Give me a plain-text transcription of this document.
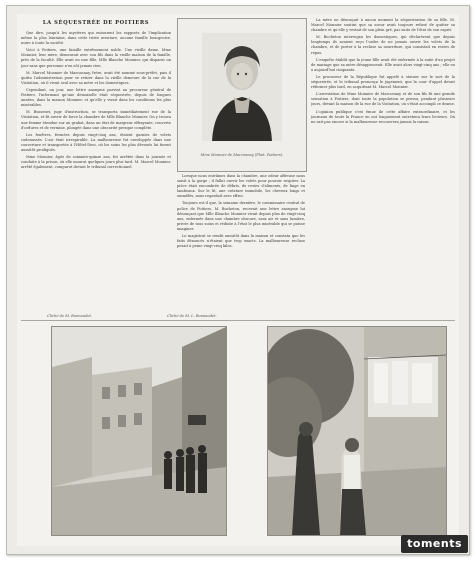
LA SÉQUESTRÉE DE POITIERS

Que dire, jusqu'à les mystères qui entourent les rapports de l'implication même la plus lointaine, dans cette triste aventure, aucune famille bourgeoise, nuire à toute la société.

Voici à Poitiers, une famille extrêmement noble. Une vieille dame, Mme Monnier, leur mère, demeurait avec son fils dans la vieille maison de la famille, près de la faculté. Elle avait eu une fille, Mlle Blanche Monnier, qui disparut un jour sans que personne n'en sût jamais rien.

M. Marcel Monnier de Marconnay, frère, avait été nommé sous-préfet, puis il quitta l'administration pour se retirer dans la vieille demeure de la rue de la Visitation, où il vivait seul avec sa mère et les domestiques.

Cependant, un jour, une lettre anonyme parvint au procureur général de Poitiers, l'informant qu'une demoiselle était séquestrée, depuis de longues années, dans la maison Monnier, et qu'elle y vivait dans les conditions les plus misérables.

M. Bussenet, juge d'instruction, se transporta immédiatement rue de la Visitation, et fit ouvrir de force la chambre de Mlle Blanche Monnier. On y trouva une femme étendue sur un grabat, dans un état de maigreur effrayante, couverte d'ordures et de vermine, plongée dans une obscurité presque complète.

Les fenêtres, fermées depuis vingt-cinq ans, étaient garnies de volets cadenassés. L'air était irrespirable. La malheureuse fut enveloppée dans une couverture et transportée à l'Hôtel-Dieu, où les soins les plus dévoués lui furent aussitôt prodigués.

Mme Monnier, âgée de soixante-quinze ans, fut arrêtée dans la journée et conduite à la prison, où elle mourut quelques jours plus tard. M. Marcel Monnier, arrêté également, comparut devant le tribunal correctionnel.

Mme Monnier de Marconnay (Phot. Poitiers).

Lorsque nous entrâmes dans la chambre, une odeur affreuse nous saisit à la gorge ; il fallut ouvrir les volets pour pouvoir respirer. La pièce était encombrée de débris, de restes d'aliments, de linge en lambeaux. Sur le lit, une créature immobile, les cheveux longs et emmêlés, nous regardait avec effroi.

Toujours est-il que, la semaine dernière, le commissaire central de police de Poitiers, M. Bucheton, recevait une lettre anonyme lui dénonçant que Mlle Blanche Monnier vivait depuis plus de vingt-cinq ans, enfermée dans une chambre obscure, sans air et sans lumière, privée de tous soins et réduite à l'état le plus misérable qui se puisse imaginer.

Le magistrat se rendit aussitôt dans la maison et constata que les faits dénoncés n'étaient que trop exacts. La malheureuse recluse pesait à peine vingt-cinq kilos.

La mère ne dénonçait à aucun moment la séquestration de sa fille. M. Marcel Monnier soutint que sa soeur avait toujours refusé de quitter sa chambre et qu'elle y restait de son plein gré, par suite de l'état de son esprit.

M. Bucheton interrogea les domestiques, qui déclarèrent que depuis longtemps ils avaient reçu l'ordre de ne jamais ouvrir les volets de la chambre, et de porter à la recluse sa nourriture, qui consistait en restes de repas.

L'enquête établit que la jeune fille avait été enfermée à la suite d'un projet de mariage que sa mère désapprouvait. Elle avait alors vingt-cinq ans ; elle en a aujourd'hui cinquante.

Le procureur de la République fut appelé à statuer sur le sort de la séquestrée, et le tribunal prononça le jugement, que la cour d'appel devait réformer plus tard, en acquittant M. Marcel Monnier.

L'arrestation de Mme Monnier de Marconnay et de son fils fit une grande sensation à Poitiers, dont toute la population se pressa, pendant plusieurs jours, devant la maison de la rue de la Visitation, où s'était accompli ce drame.

L'opinion publique s'est émue de cette affaire extraordinaire, et les journaux de toute la France en ont longuement entretenu leurs lecteurs. On ne sait pas encore si la malheureuse recouvrera jamais la raison.

Cliché de M. Bonnaudet.	Cliché de M. L. Bonnaudet.
toments
